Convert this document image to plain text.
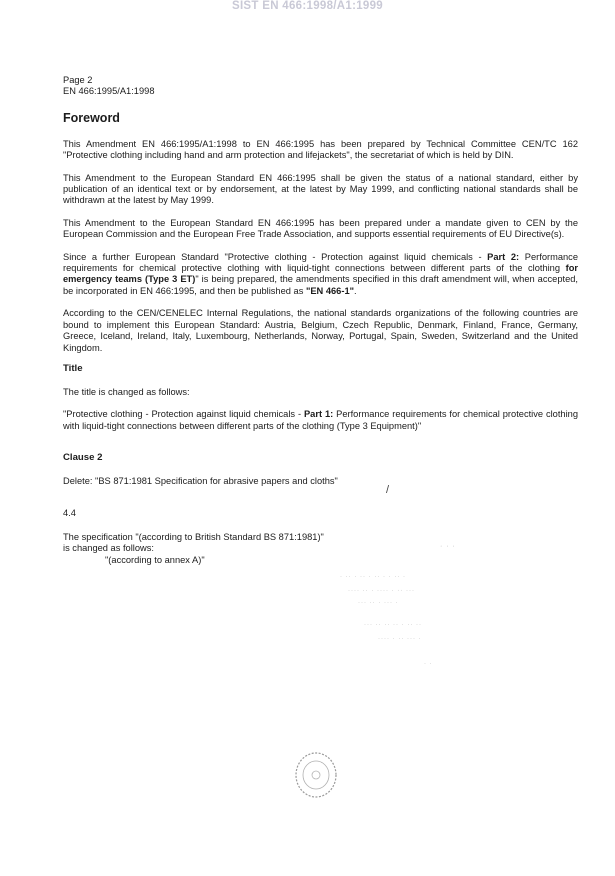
SIST EN 466:1998/A1:1999
Page 2
EN 466:1995/A1:1998
Foreword

This Amendment EN 466:1995/A1:1998 to EN 466:1995 has been prepared by Technical Committee CEN/TC 162 "Protective clothing including hand and arm protection and lifejackets", the secretariat of which is held by DIN.

This Amendment to the European Standard EN 466:1995 shall be given the status of a national standard, either by publication of an identical text or by endorsement, at the latest by May 1999, and conflicting national standards shall be withdrawn at the latest by May 1999.

This Amendment to the European Standard EN 466:1995 has been prepared under a mandate given to CEN by the European Commission and the European Free Trade Association, and supports essential requirements of EU Directive(s).

Since a further European Standard "Protective clothing - Protection against liquid chemicals - Part 2: Performance requirements for chemical protective clothing with liquid-tight connections between different parts of the clothing for emergency teams (Type 3 ET)" is being prepared, the amendments specified in this draft amendment will, when accepted, be incorporated in EN 466:1995, and then be published as "EN 466-1".

According to the CEN/CENELEC Internal Regulations, the national standards organizations of the following countries are bound to implement this European Standard: Austria, Belgium, Czech Republic, Denmark, Finland, France, Germany, Greece, Iceland, Ireland, Italy, Luxembourg, Netherlands, Norway, Portugal, Spain, Sweden, Switzerland and the United Kingdom.

Title

The title is changed as follows:

"Protective clothing - Protection against liquid chemicals - Part 1: Performance requirements for chemical protective clothing with liquid-tight connections between different parts of the clothing (Type 3 Equipment)"

Clause 2

Delete: "BS 871:1981 Specification for abrasive papers and cloths"

4.4
The specification "(according to British Standard BS 871:1981)"
is changed as follows:
"(according to annex A)"
· · ·
· ·· · ·· · ·· · · ·· ·
···· ·· · ···· · ·· ···
··· ·· · ··· ·
··· ·· ·· ·· · ·· ··
···· · ·· ··· ·
· ·
/
